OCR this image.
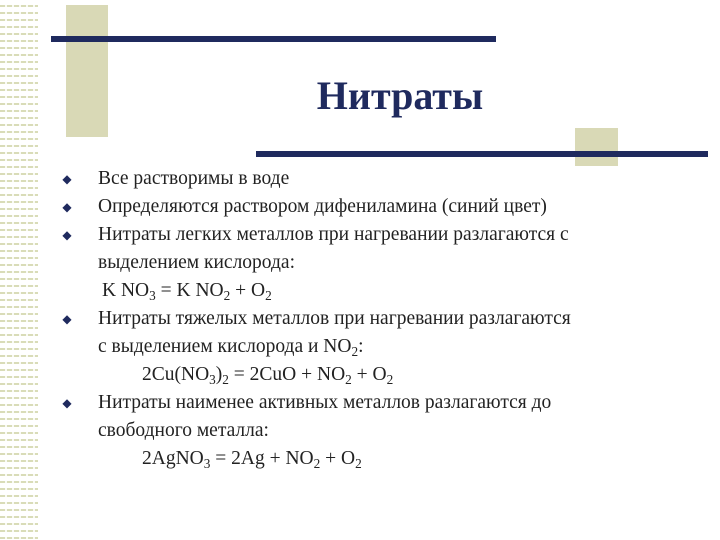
Нитраты
◆ Все растворимы в воде
◆ Определяются раствором дифениламина (синий цвет)
◆ Нитраты легких металлов при нагревании разлагаются с
выделением кислорода:
K $NO_3 = K$ $NO_2 + O_2$
◆ Нитраты тяжелых металлов при нагревании разлагаются
с выделением кислорода и $NO_2$:
$2Cu(NO_3)_2 = 2CuO + NO_2 + O_2$
◆ Нитраты наименее активных металлов разлагаются до
свободного металла:
2AgNO$_3$ = $2Ag + NO_2 + O_2$
